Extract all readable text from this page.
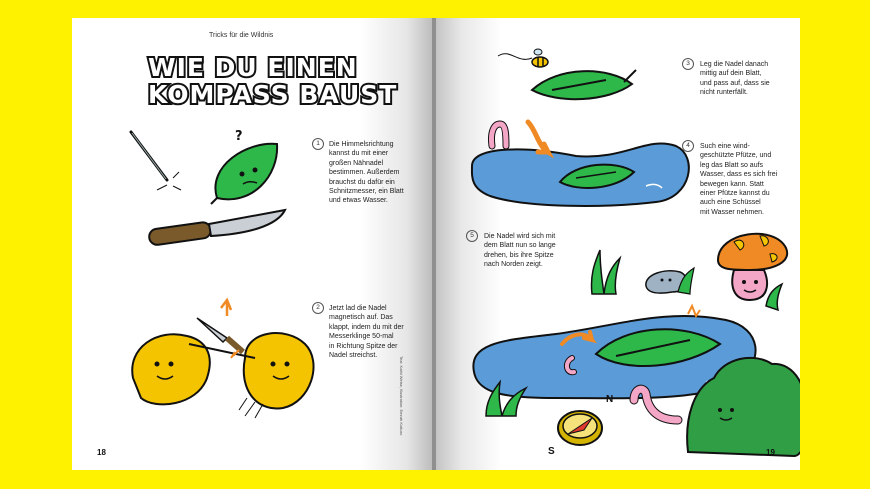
Tricks für die Wildnis
WIE DU EINEN
KOMPASS BAUST
?	1	Die Himmelsrichtung
kannst du mit einer
großen Nähnadel
bestimmen. Außerdem
brauchst du dafür ein
Schnitzmesser, ein Blatt
und etwas Wasser.
2	Jetzt lad die Nadel
magnetisch auf. Das
klappt, indem du mit der
Messerklinge 50-mal
in Richtung Spitze der
Nadel streichst.
Text: Kathi Weise, Illustration: Emrah Kotturo
18
3	Leg die Nadel danach
mittig auf dein Blatt,
und pass auf, dass sie
nicht runterfällt.
4	Such eine wind-
geschützte Pfütze, und
leg das Blatt so aufs
Wasser, dass es sich frei
bewegen kann. Statt
einer Pfütze kannst du
auch eine Schüssel
mit Wasser nehmen.
5	Die Nadel wird sich mit
dem Blatt nun so lange
drehen, bis ihre Spitze
nach Norden zeigt.
N
S	19
